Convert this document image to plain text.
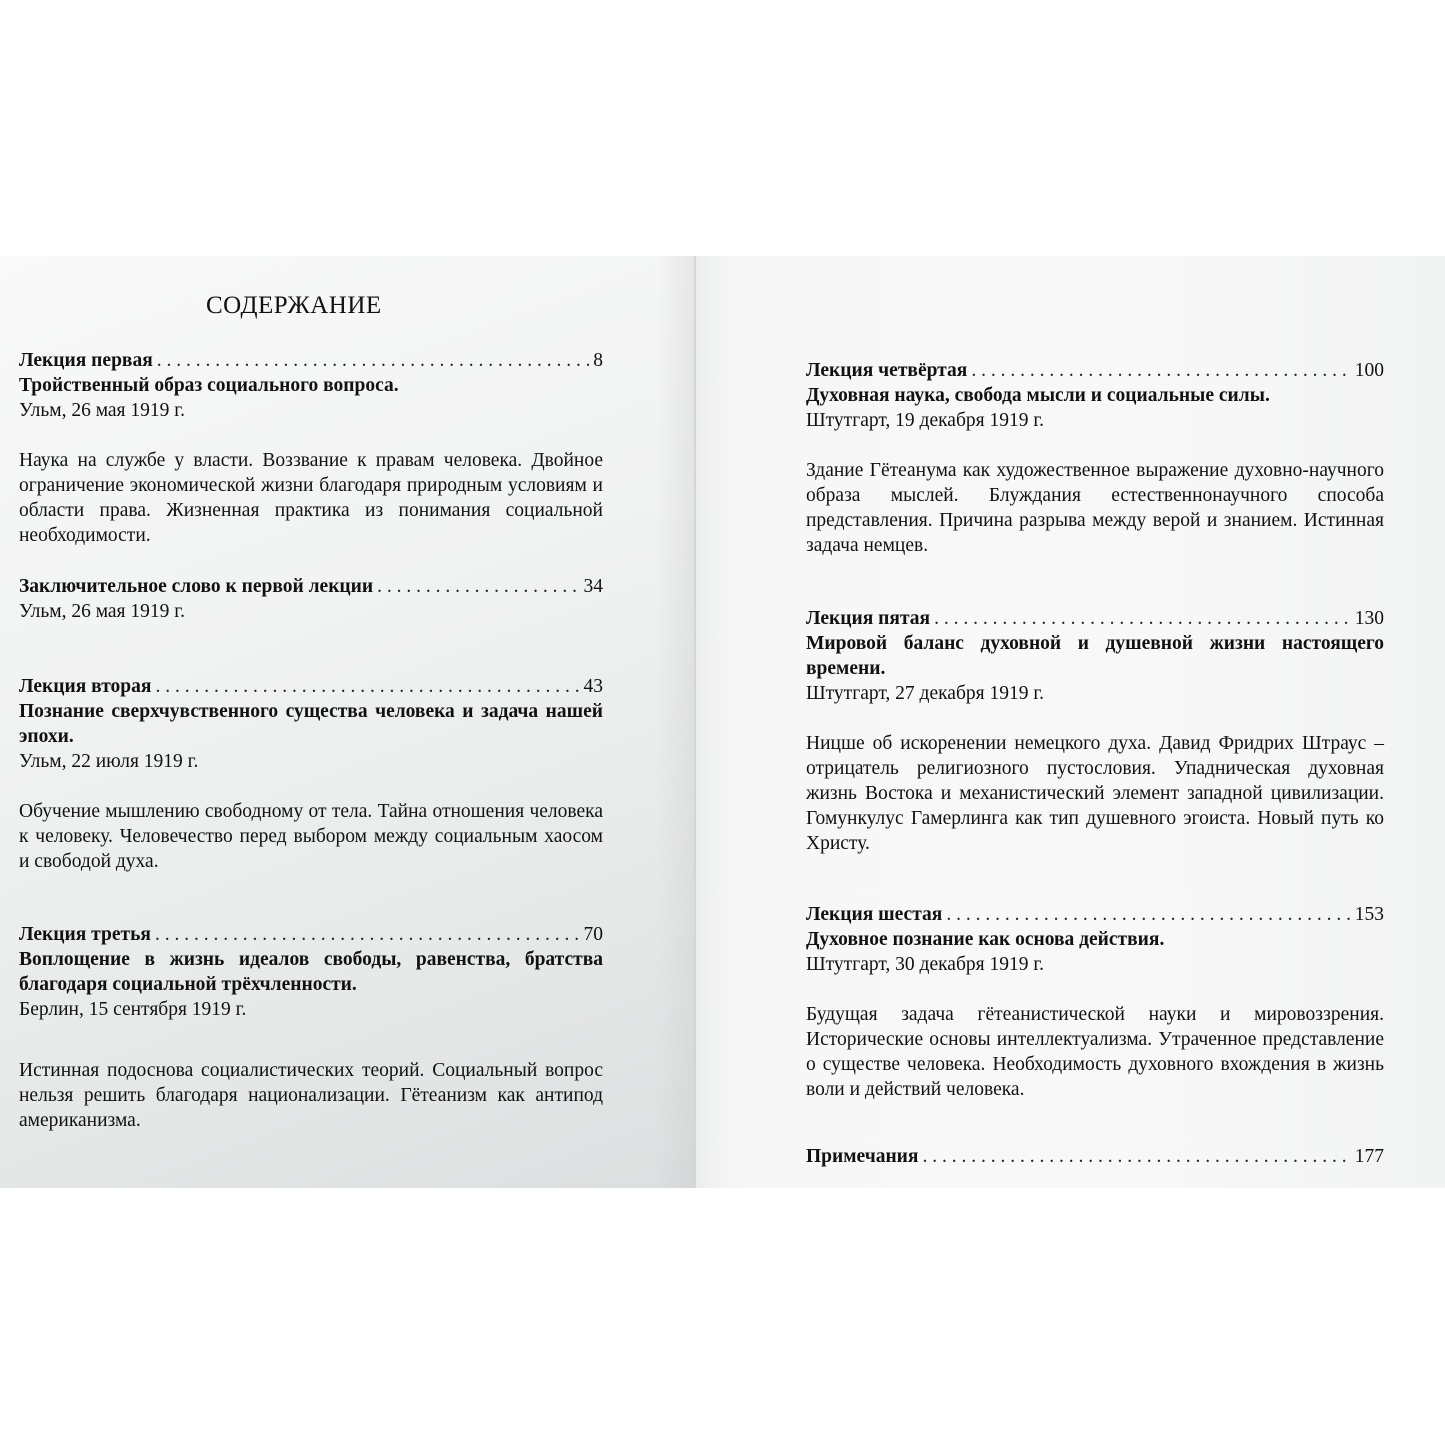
СОДЕРЖАНИЕ
Лекция первая . . .	8
Тройственный образ социального вопроса.
Ульм, 26 мая 1919 г.
Наука на службе у власти. Воззвание к правам человека. Двойное ограничение экономической жизни благодаря природным условиям и области права. Жизненная практика из понимания социальной необходимости.
Заключительное слово к первой лекции . . .	34
Ульм, 26 мая 1919 г.
Лекция вторая . . .	43
Познание сверхчувственного существа человека и задача нашей эпохи.
Ульм, 22 июля 1919 г.
Обучение мышлению свободному от тела. Тайна отношения человека к человеку. Человечество перед выбором между социальным хаосом и свободой духа.
Лекция третья . . .	70
Воплощение в жизнь идеалов свободы, равенства, братства благодаря социальной трёхчленности.
Берлин, 15 сентября 1919 г.
Истинная подоснова социалистических теорий. Социальный вопрос нельзя решить благодаря национализации. Гётеанизм как антипод американизма.
Лекция четвёртая . . .	100
Духовная наука, свобода мысли и социальные силы.
Штутгарт, 19 декабря 1919 г.
Здание Гётеанума как художественное выражение духовно-научного образа мыслей. Блуждания естественнонаучного способа представления. Причина разрыва между верой и знанием. Истинная задача немцев.
Лекция пятая . . .	130
Мировой баланс духовной и душевной жизни настоящего времени.
Штутгарт, 27 декабря 1919 г.
Ницше об искоренении немецкого духа. Давид Фридрих Штраус – отрицатель религиозного пустословия. Упадническая духовная жизнь Востока и механистический элемент западной цивилизации. Гомункулус Гамерлинга как тип душевного эгоиста. Новый путь ко Христу.
Лекция шестая . . .	153
Духовное познание как основа действия.
Штутгарт, 30 декабря 1919 г.
Будущая задача гётеанистической науки и мировоззрения. Исторические основы интеллектуализма. Утраченное представление о существе человека. Необходимость духовного вхождения в жизнь воли и действий человека.
Примечания . . .	177
